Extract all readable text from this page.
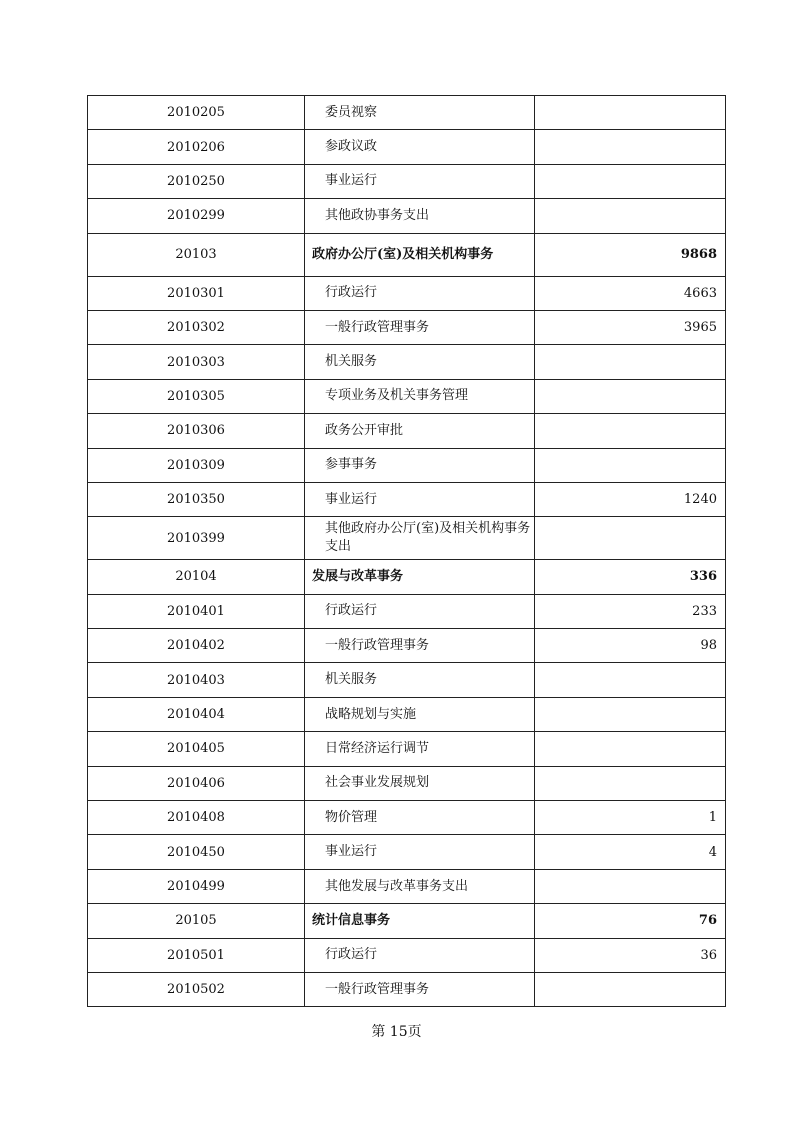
2010205	委员视察	
2010206	参政议政	
2010250	事业运行	
2010299	其他政协事务支出	
20103	政府办公厅(室)及相关机构事务	9868
2010301	行政运行	4663
2010302	一般行政管理事务	3965
2010303	机关服务	
2010305	专项业务及机关事务管理	
2010306	政务公开审批	
2010309	参事事务	
2010350	事业运行	1240
2010399	其他政府办公厅(室)及相关机构事务支出	
20104	发展与改革事务	336
2010401	行政运行	233
2010402	一般行政管理事务	98
2010403	机关服务	
2010404	战略规划与实施	
2010405	日常经济运行调节	
2010406	社会事业发展规划	
2010408	物价管理	1
2010450	事业运行	4
2010499	其他发展与改革事务支出	
20105	统计信息事务	76
2010501	行政运行	36
2010502	一般行政管理事务	
第 15页
